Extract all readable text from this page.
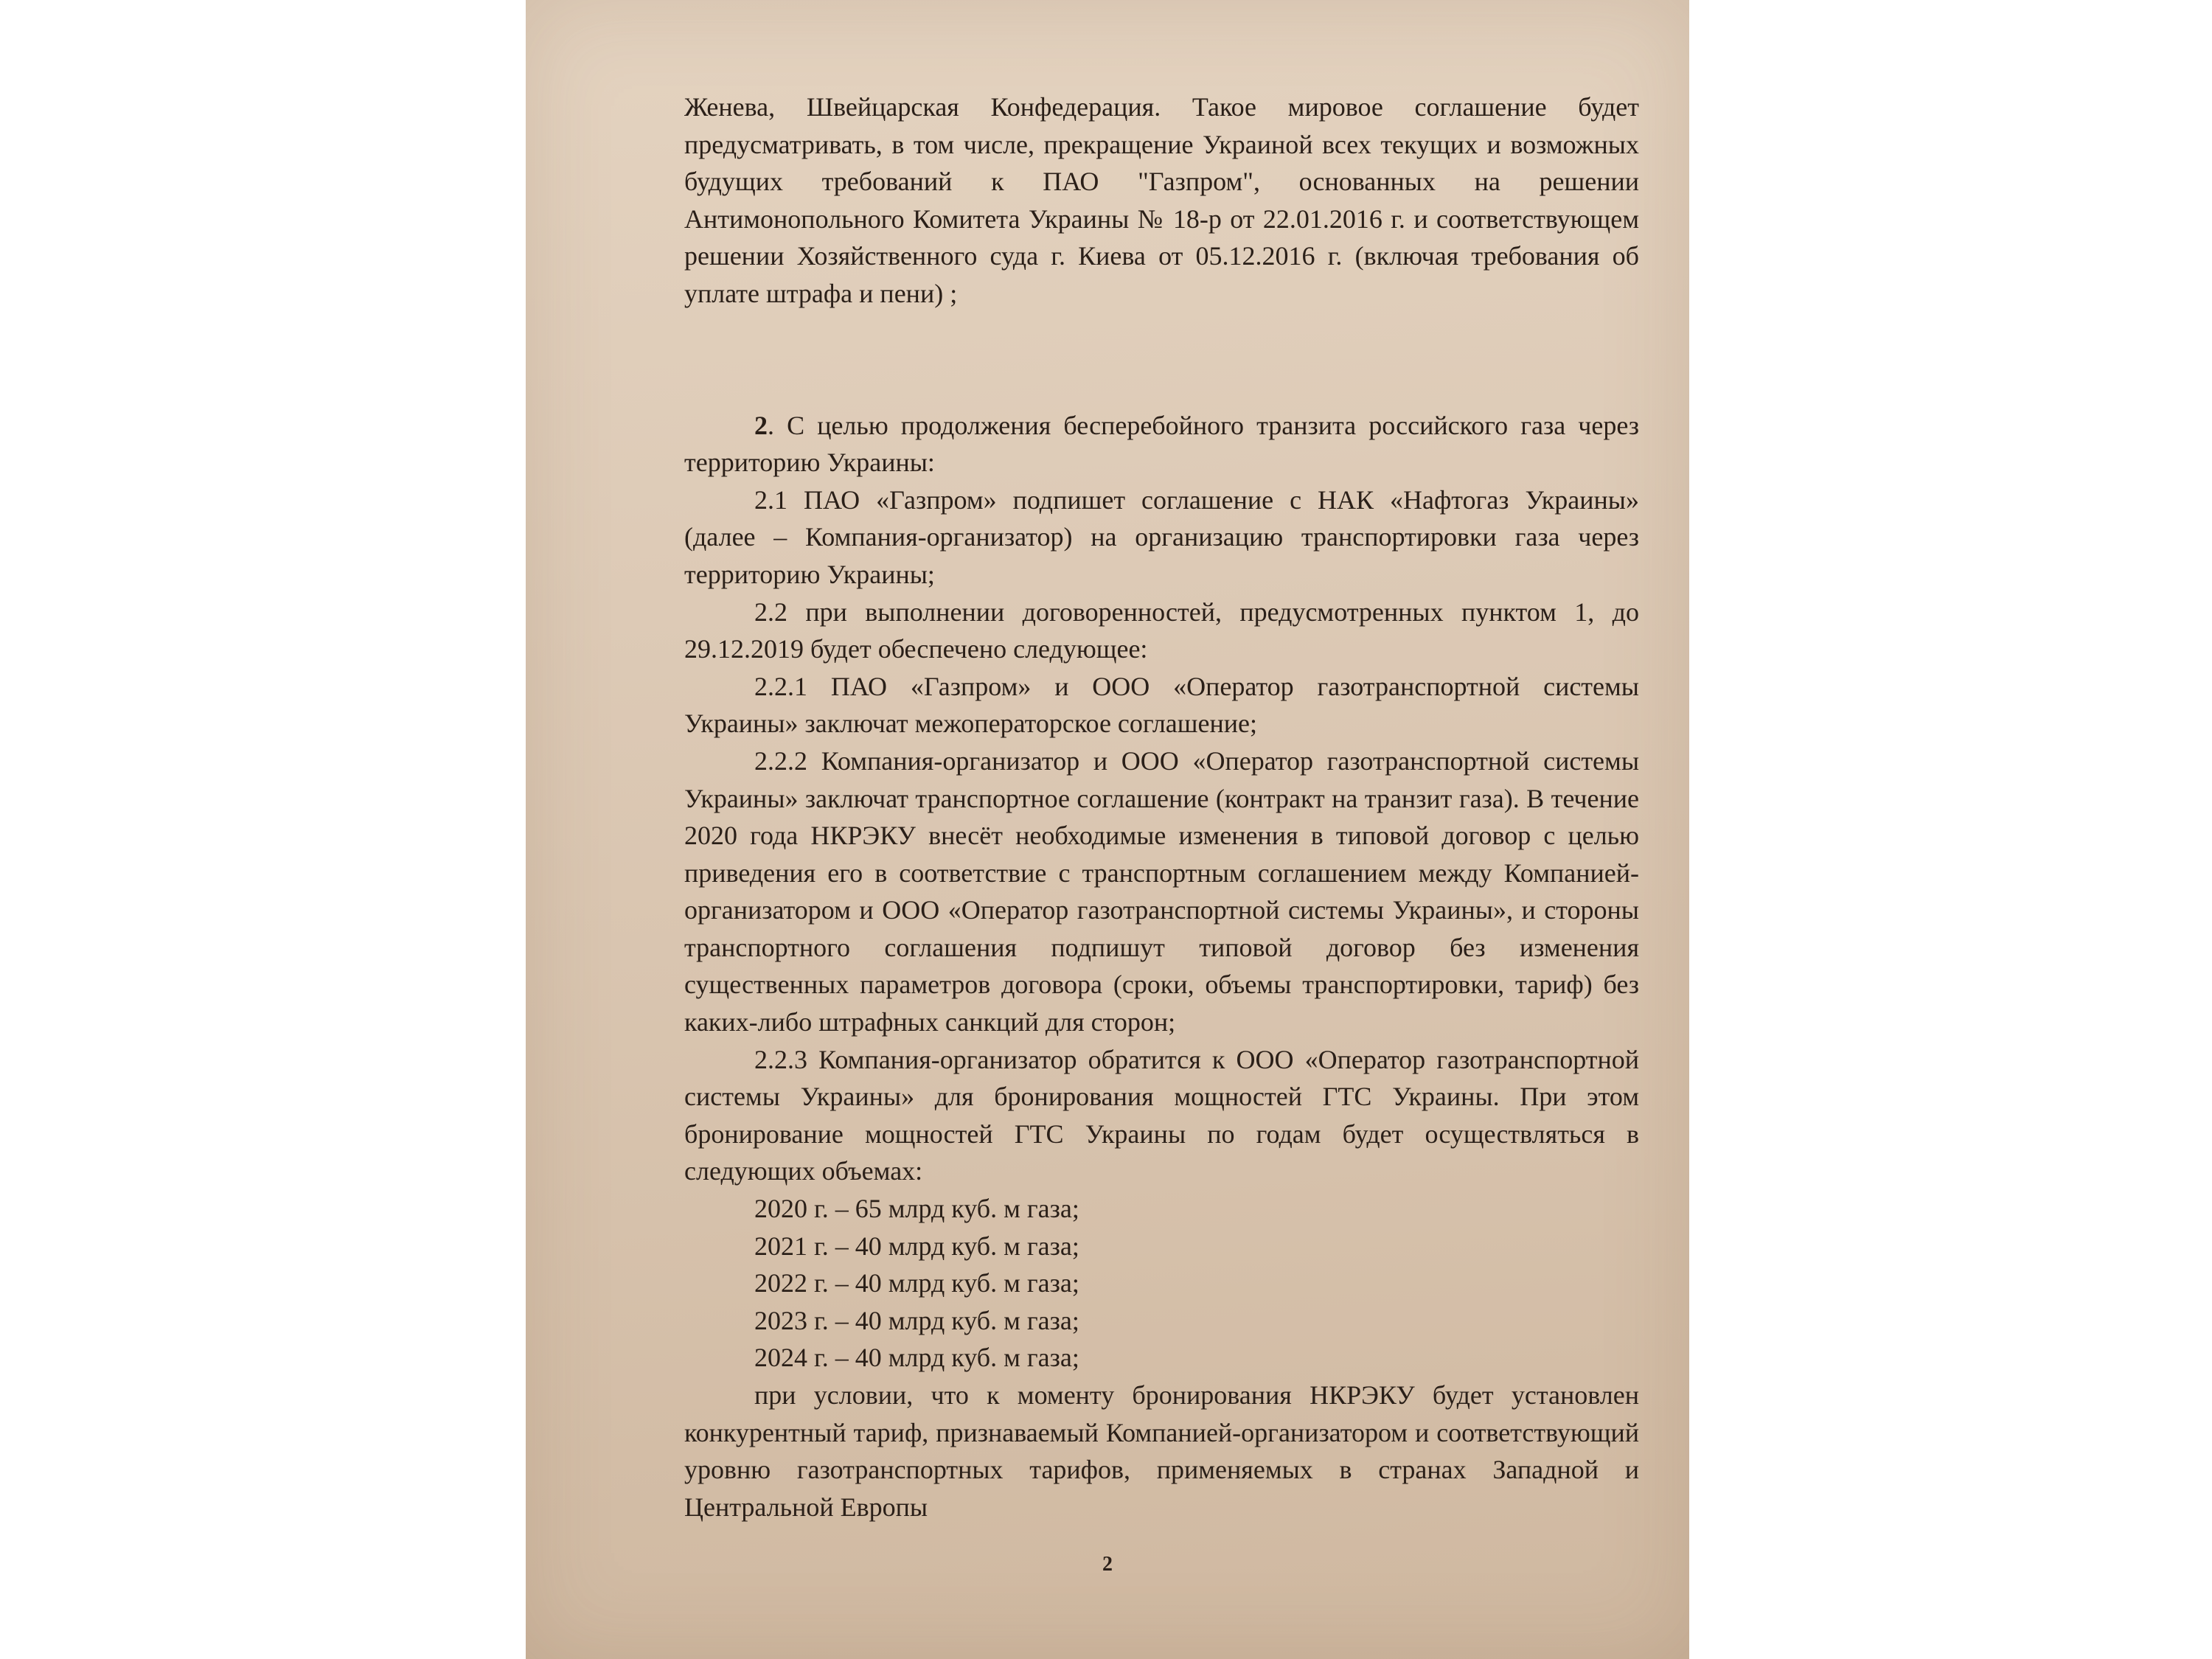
Женева, Швейцарская Конфедерация. Такое мировое соглашение будет предусматривать, в том числе, прекращение Украиной всех текущих и возможных будущих требований к ПАО "Газпром", основанных на решении Антимонопольного Комитета Украины № 18-р от 22.01.2016 г. и соответствующем решении Хозяйственного суда г. Киева от 05.12.2016 г. (включая требования об уплате штрафа и пени) ;

2. С целью продолжения бесперебойного транзита российского газа через территорию Украины:

2.1 ПАО «Газпром» подпишет соглашение с НАК «Нафтогаз Украины» (далее – Компания-организатор) на организацию транспортировки газа через территорию Украины;

2.2 при выполнении договоренностей, предусмотренных пунктом 1, до 29.12.2019 будет обеспечено следующее:

2.2.1 ПАО «Газпром» и ООО «Оператор газотранспортной системы Украины» заключат межоператорское соглашение;

2.2.2 Компания-организатор и ООО «Оператор газотранспортной системы Украины» заключат транспортное соглашение (контракт на транзит газа). В течение 2020 года НКРЭКУ внесёт необходимые изменения в типовой договор с целью приведения его в соответствие с транспортным соглашением между Компанией-организатором и ООО «Оператор газотранспортной системы Украины», и стороны транспортного соглашения подпишут типовой договор без изменения существенных параметров договора (сроки, объемы транспортировки, тариф) без каких-либо штрафных санкций для сторон;

2.2.3 Компания-организатор обратится к ООО «Оператор газотранспортной системы Украины» для бронирования мощностей ГТС Украины. При этом бронирование мощностей ГТС Украины по годам будет осуществляться в следующих объемах:

2020 г. – 65 млрд куб. м газа;
2021 г. – 40 млрд куб. м газа;
2022 г. – 40 млрд куб. м газа;
2023 г. – 40 млрд куб. м газа;
2024 г. – 40 млрд куб. м газа;

при условии, что к моменту бронирования НКРЭКУ будет установлен конкурентный тариф, признаваемый Компанией-организатором и соответствующий уровню газотранспортных тарифов, применяемых в странах Западной и Центральной Европы

2
